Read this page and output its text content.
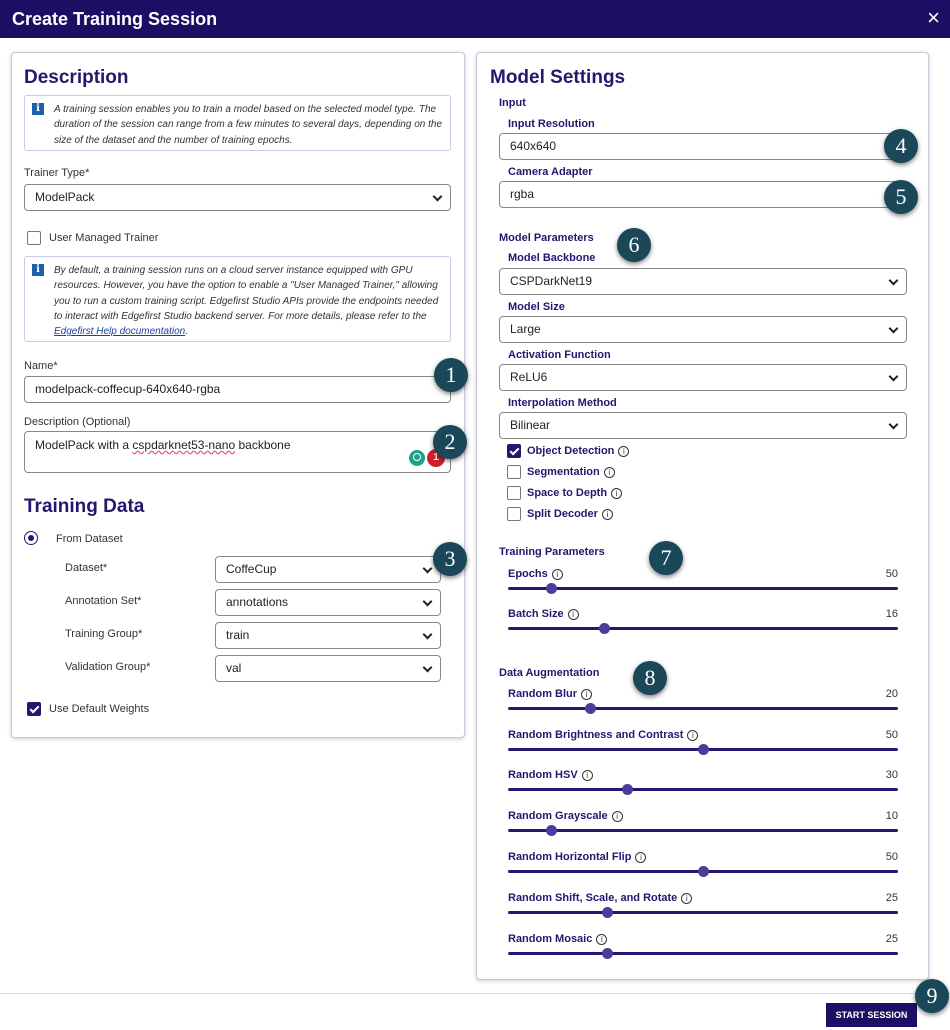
Create Training Session	×
Description
i	A training session enables you to train a model based on the selected model type. The duration of the session can range from a few minutes to several days, depending on the size of the dataset and the number of training epochs.
Trainer Type*
ModelPack
User Managed Trainer
i	By default, a training session runs on a cloud server instance equipped with GPU resources. However, you have the option to enable a "User Managed Trainer," allowing you to run a custom training script. Edgefirst Studio APIs provide the endpoints needed to interact with Edgefirst Studio backend server. For more details, please refer to the Edgefirst Help documentation.
Name*
modelpack-coffecup-640x640-rgba
Description (Optional)
ModelPack with a cspdarknet53-nano backbone
1
Training Data
From Dataset
Dataset*	CoffeCup
Annotation Set*	annotations
Training Group*	train
Validation Group*	val
Use Default Weights
Model Settings
Input
Input Resolution
640x640
Camera Adapter
rgba
Model Parameters
Model Backbone
CSPDarkNet19
Model Size
Large
Activation Function
ReLU6
Interpolation Method
Bilinear
Object Detection i
Segmentation i
Space to Depth i
Split Decoder i
Training Parameters
Epochs i	50
Batch Size i	16
Data Augmentation
Random Blur i	20
Random Brightness and Contrast i	50
Random HSV i	30
Random Grayscale i	10
Random Horizontal Flip i	50
Random Shift, Scale, and Rotate i	25
Random Mosaic i	25
START SESSION
1
2
3
4
5
6
7
8
9
